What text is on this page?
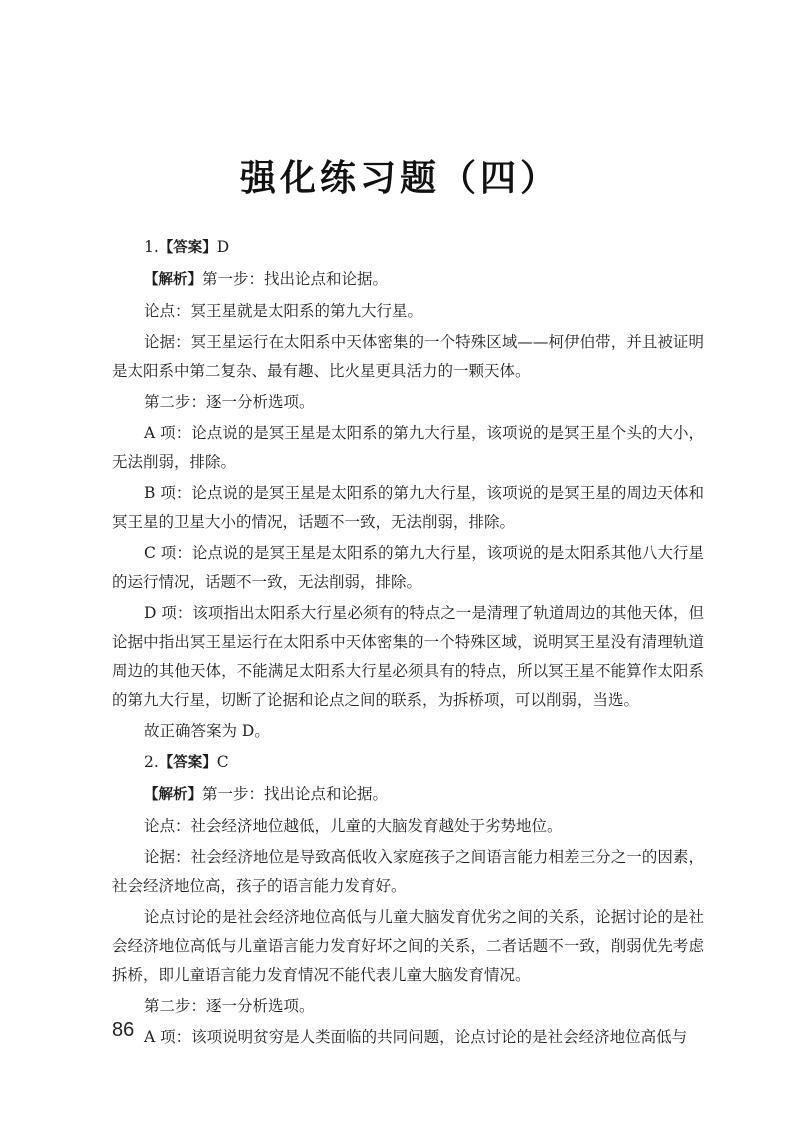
强化练习题（四）

1.【答案】D

【解析】第一步：找出论点和论据。

论点：冥王星就是太阳系的第九大行星。

论据：冥王星运行在太阳系中天体密集的一个特殊区域——柯伊伯带，并且被证明是太阳系中第二复杂、最有趣、比火星更具活力的一颗天体。

第二步：逐一分析选项。

A 项：论点说的是冥王星是太阳系的第九大行星，该项说的是冥王星个头的大小，无法削弱，排除。

B 项：论点说的是冥王星是太阳系的第九大行星，该项说的是冥王星的周边天体和冥王星的卫星大小的情况，话题不一致，无法削弱，排除。

C 项：论点说的是冥王星是太阳系的第九大行星，该项说的是太阳系其他八大行星的运行情况，话题不一致，无法削弱，排除。

D 项：该项指出太阳系大行星必须有的特点之一是清理了轨道周边的其他天体，但论据中指出冥王星运行在太阳系中天体密集的一个特殊区域，说明冥王星没有清理轨道周边的其他天体，不能满足太阳系大行星必须具有的特点，所以冥王星不能算作太阳系的第九大行星，切断了论据和论点之间的联系，为拆桥项，可以削弱，当选。

故正确答案为 D。

2.【答案】C

【解析】第一步：找出论点和论据。

论点：社会经济地位越低，儿童的大脑发育越处于劣势地位。

论据：社会经济地位是导致高低收入家庭孩子之间语言能力相差三分之一的因素，社会经济地位高，孩子的语言能力发育好。

论点讨论的是社会经济地位高低与儿童大脑发育优劣之间的关系，论据讨论的是社会经济地位高低与儿童语言能力发育好坏之间的关系，二者话题不一致，削弱优先考虑拆桥，即儿童语言能力发育情况不能代表儿童大脑发育情况。

第二步：逐一分析选项。

A 项：该项说明贫穷是人类面临的共同问题，论点讨论的是社会经济地位高低与

86
